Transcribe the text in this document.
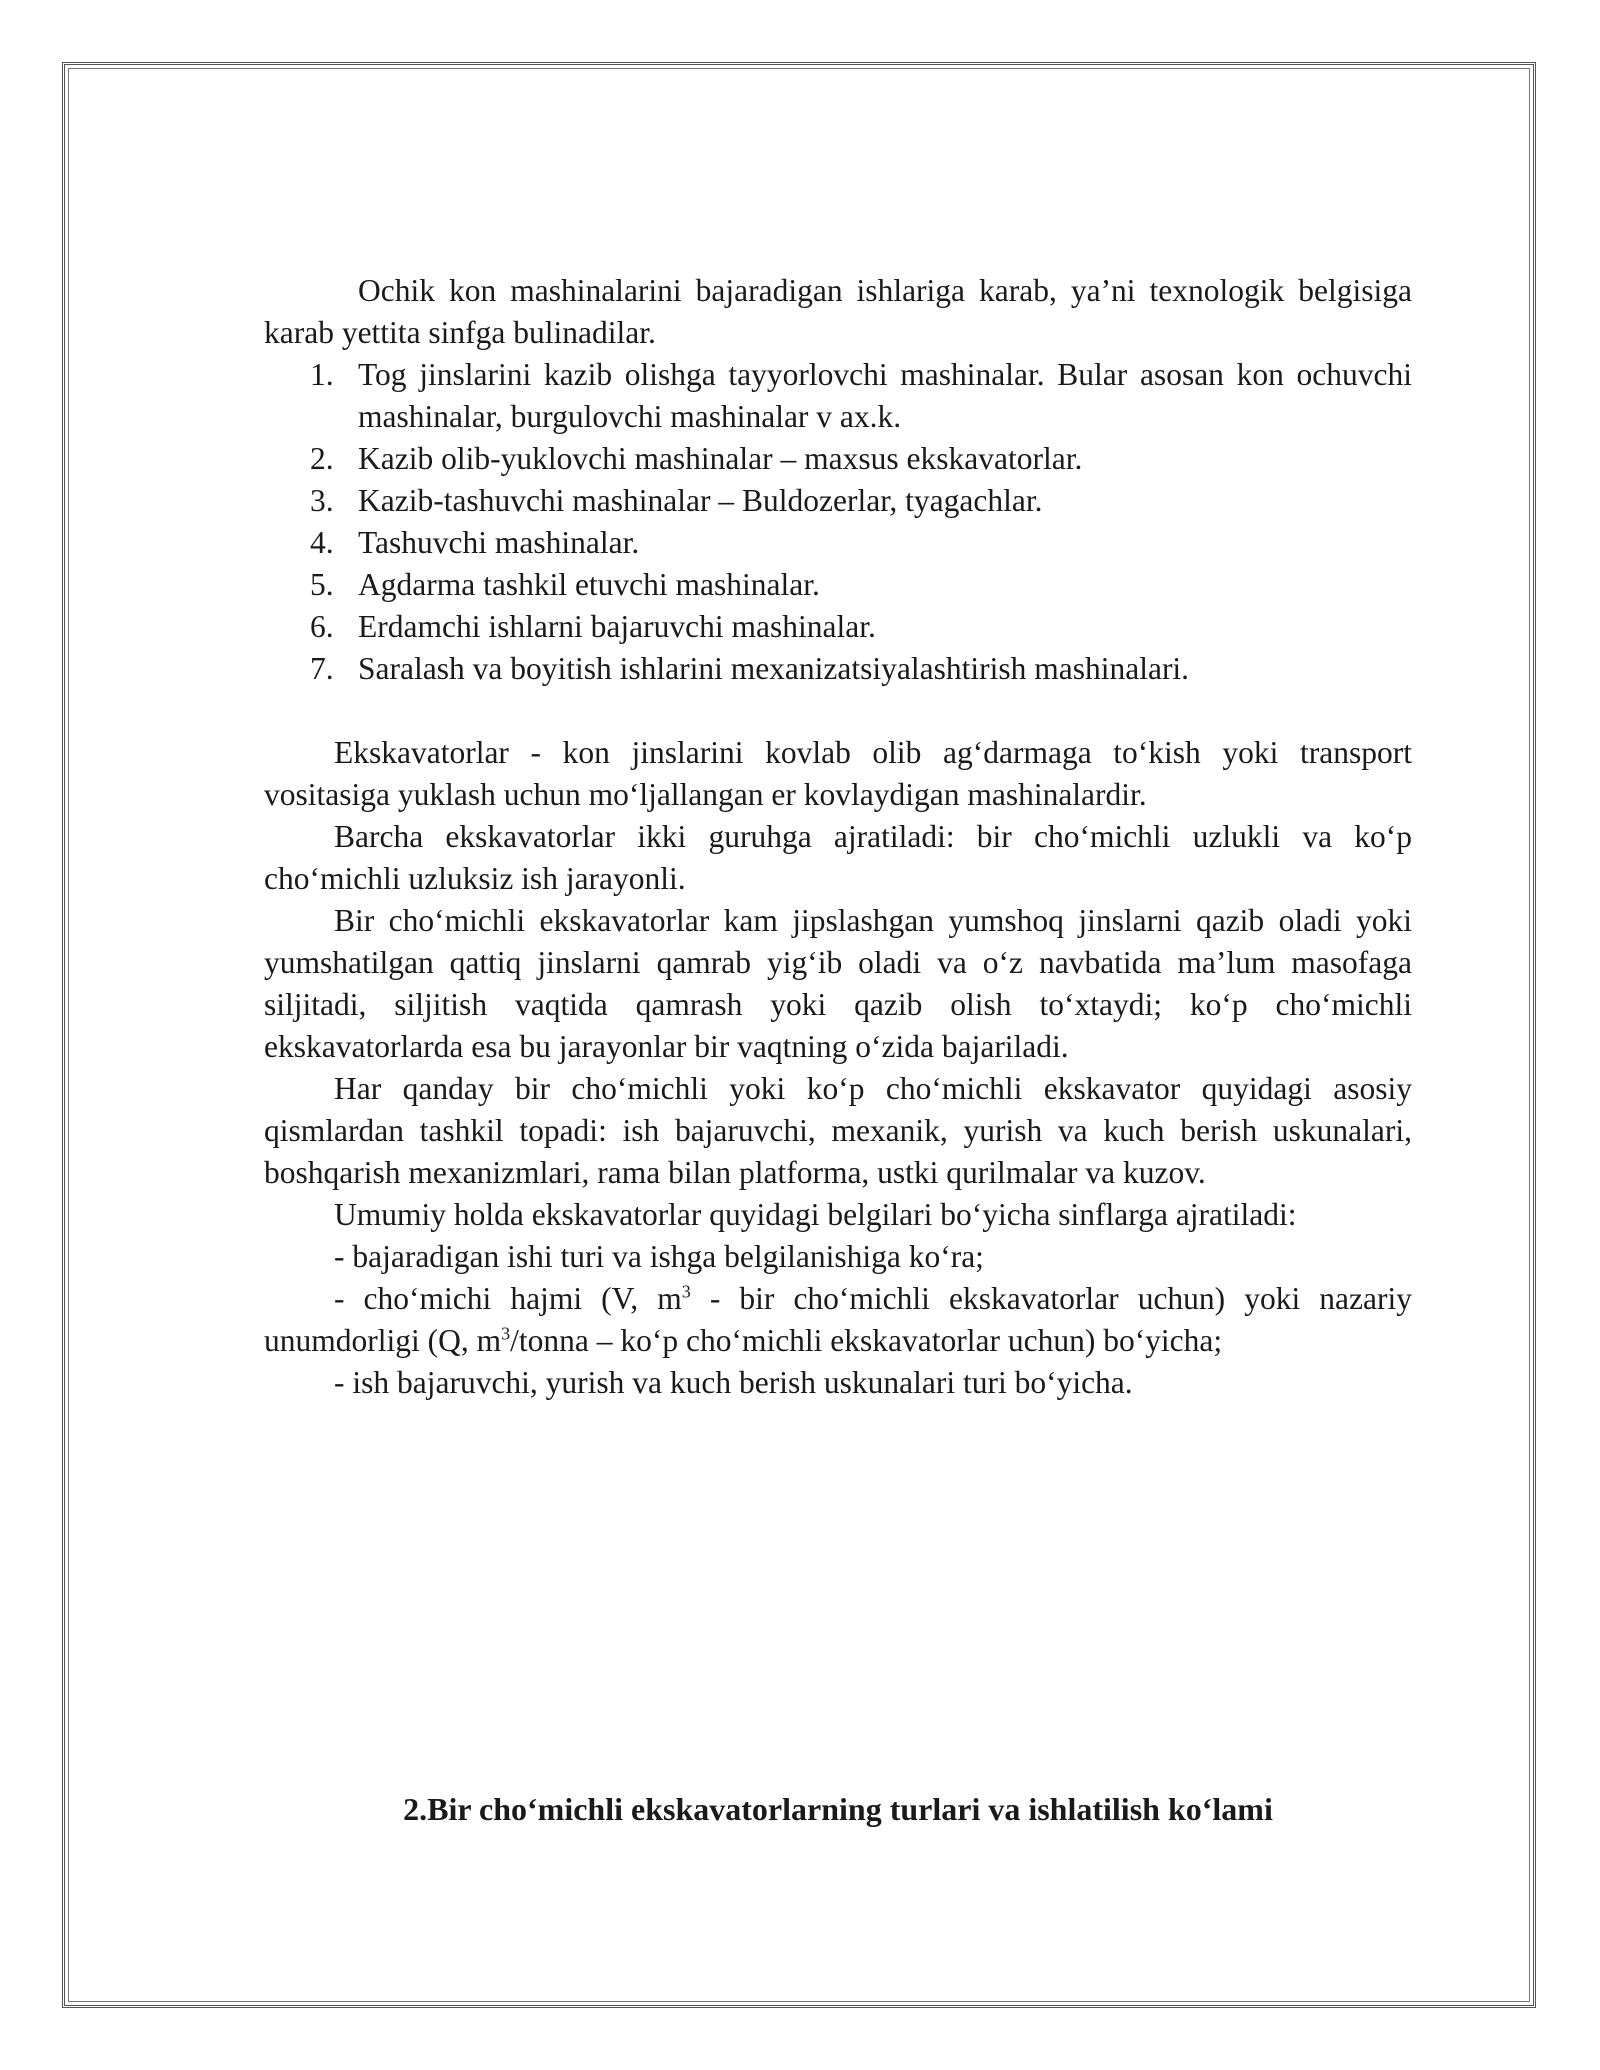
Ochik kon mashinalarini bajaradigan ishlariga karab, ya’ni texnologik belgisiga karab yettita sinfga bulinadilar.

1. Tog jinslarini kazib olishga tayyorlovchi mashinalar. Bular asosan kon ochuvchi mashinalar, burgulovchi mashinalar v ax.k.
2. Kazib olib-yuklovchi mashinalar – maxsus ekskavatorlar.
3. Kazib-tashuvchi mashinalar – Buldozerlar, tyagachlar.
4. Tashuvchi mashinalar.
5. Agdarma tashkil etuvchi mashinalar.
6. Erdamchi ishlarni bajaruvchi mashinalar.
7. Saralash va boyitish ishlarini mexanizatsiyalashtirish mashinalari.

Ekskavatorlar - kon jinslarini kovlab olib ag‘darmaga to‘kish yoki transport vositasiga yuklash uchun mo‘ljallangan er kovlaydigan mashinalardir.

Barcha ekskavatorlar ikki guruhga ajratiladi: bir cho‘michli uzlukli va ko‘p cho‘michli uzluksiz ish jarayonli.

Bir cho‘michli ekskavatorlar kam jipslashgan yumshoq jinslarni qazib oladi yoki yumshatilgan qattiq jinslarni qamrab yig‘ib oladi va o‘z navbatida ma’lum masofaga siljitadi, siljitish vaqtida qamrash yoki qazib olish to‘xtaydi; ko‘p cho‘michli ekskavatorlarda esa bu jarayonlar bir vaqtning o‘zida bajariladi.

Har qanday bir cho‘michli yoki ko‘p cho‘michli ekskavator quyidagi asosiy qismlardan tashkil topadi: ish bajaruvchi, mexanik, yurish va kuch berish uskunalari, boshqarish mexanizmlari, rama bilan platforma, ustki qurilmalar va kuzov.

Umumiy holda ekskavatorlar quyidagi belgilari bo‘yicha sinflarga ajratiladi:

- bajaradigan ishi turi va ishga belgilanishiga ko‘ra;

- cho‘michi hajmi (V, $m^3$ - bir cho‘michli ekskavatorlar uchun) yoki nazariy unumdorligi (Q, $m^3$/tonna – ko‘p cho‘michli ekskavatorlar uchun) bo‘yicha;

- ish bajaruvchi, yurish va kuch berish uskunalari turi bo‘yicha.

2.Bir cho‘michli ekskavatorlarning turlari va ishlatilish ko‘lami
